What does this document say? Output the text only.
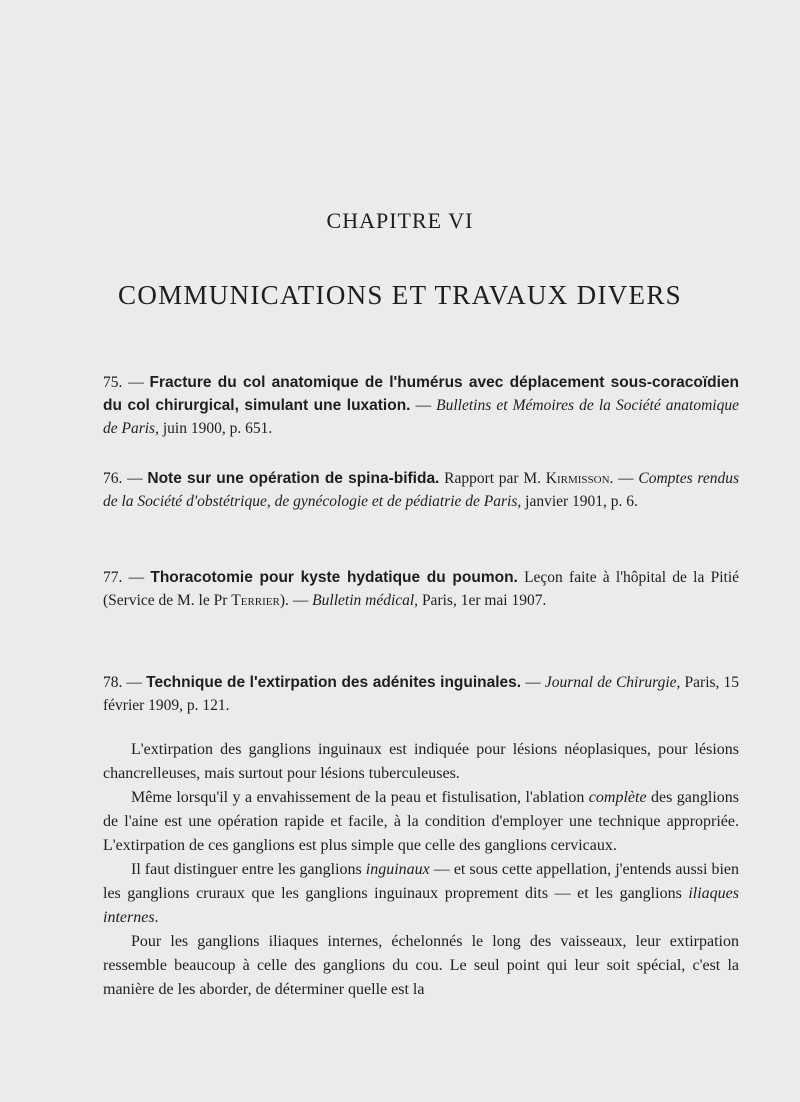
CHAPITRE VI
COMMUNICATIONS ET TRAVAUX DIVERS
75. — Fracture du col anatomique de l'humérus avec déplacement sous-coracoïdien du col chirurgical, simulant une luxation. — Bulletins et Mémoires de la Société anatomique de Paris, juin 1900, p. 651.
76. — Note sur une opération de spina-bifida. Rapport par M. Kirmisson. — Comptes rendus de la Société d'obstétrique, de gynécologie et de pédiatrie de Paris, janvier 1901, p. 6.
77. — Thoracotomie pour kyste hydatique du poumon. Leçon faite à l'hôpital de la Pitié (Service de M. le Pr Terrier). — Bulletin médical, Paris, 1er mai 1907.
78. — Technique de l'extirpation des adénites inguinales. — Journal de Chirurgie, Paris, 15 février 1909, p. 121.

L'extirpation des ganglions inguinaux est indiquée pour lésions néoplasiques, pour lésions chancrelleuses, mais surtout pour lésions tuberculeuses.

Même lorsqu'il y a envahissement de la peau et fistulisation, l'ablation complète des ganglions de l'aine est une opération rapide et facile, à la condition d'employer une technique appropriée. L'extirpation de ces ganglions est plus simple que celle des ganglions cervicaux.

Il faut distinguer entre les ganglions inguinaux — et sous cette appellation, j'entends aussi bien les ganglions cruraux que les ganglions inguinaux proprement dits — et les ganglions iliaques internes.

Pour les ganglions iliaques internes, échelonnés le long des vaisseaux, leur extirpation ressemble beaucoup à celle des ganglions du cou. Le seul point qui leur soit spécial, c'est la manière de les aborder, de déterminer quelle est la
